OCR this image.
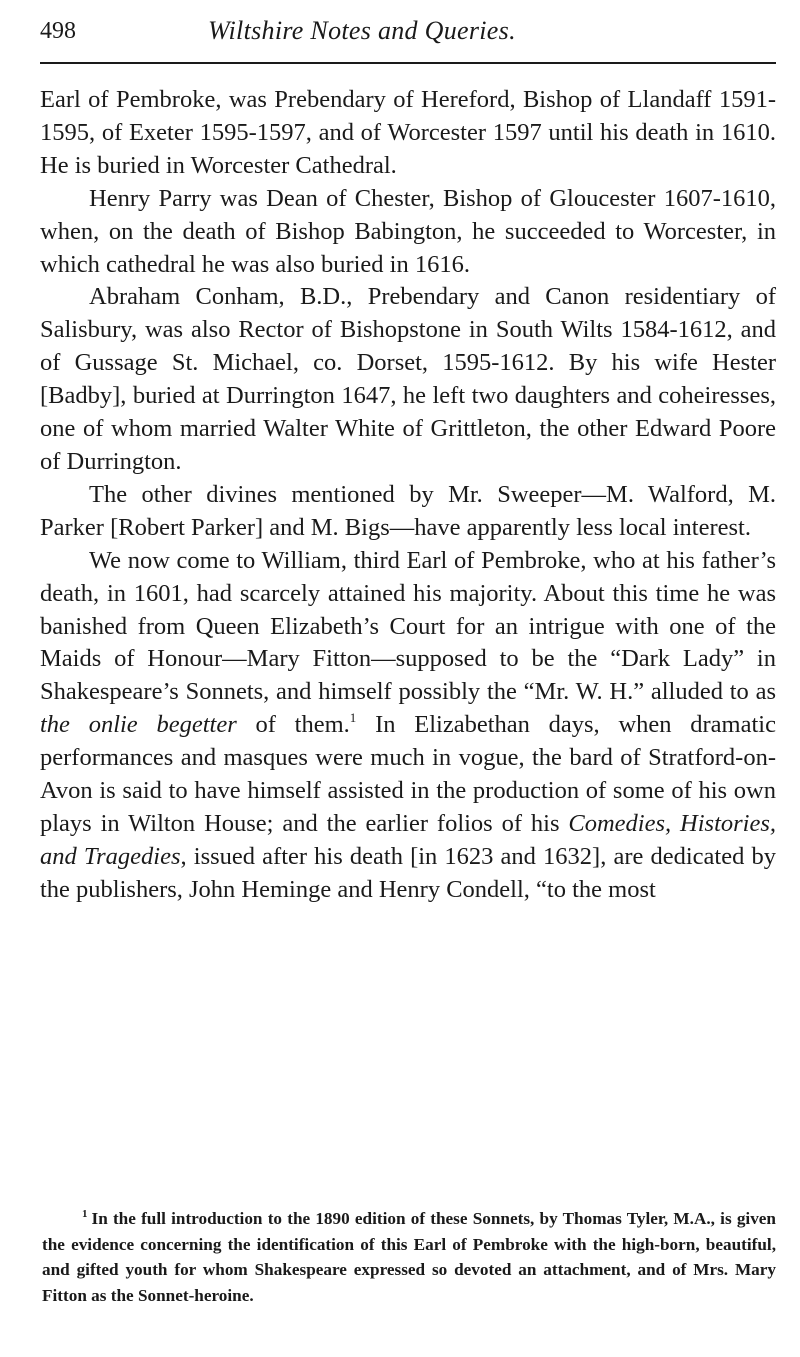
498	Wiltshire Notes and Queries.

Earl of Pembroke, was Prebendary of Hereford, Bishop of Llandaff 1591-1595, of Exeter 1595-1597, and of Worcester 1597 until his death in 1610. He is buried in Worcester Cathedral.

Henry Parry was Dean of Chester, Bishop of Gloucester 1607-1610, when, on the death of Bishop Babington, he succeeded to Worcester, in which cathedral he was also buried in 1616.

Abraham Conham, B.D., Prebendary and Canon residentiary of Salisbury, was also Rector of Bishopstone in South Wilts 1584-1612, and of Gussage St. Michael, co. Dorset, 1595-1612. By his wife Hester [Badby], buried at Durrington 1647, he left two daughters and coheiresses, one of whom married Walter White of Grittleton, the other Edward Poore of Durrington.

The other divines mentioned by Mr. Sweeper—M. Walford, M. Parker [Robert Parker] and M. Bigs—have apparently less local interest.

We now come to William, third Earl of Pembroke, who at his father’s death, in 1601, had scarcely attained his majority. About this time he was banished from Queen Elizabeth’s Court for an intrigue with one of the Maids of Honour—Mary Fitton—supposed to be the “Dark Lady” in Shakespeare’s Sonnets, and himself possibly the “Mr. W. H.” alluded to as the onlie begetter of them.$^1$ In Elizabethan days, when dramatic performances and masques were much in vogue, the bard of Stratford-on-Avon is said to have himself assisted in the production of some of his own plays in Wilton House; and the earlier folios of his Comedies, Histories, and Tragedies, issued after his death [in 1623 and 1632], are dedicated by the publishers, John Heminge and Henry Condell, “to the most

$^1$ In the full introduction to the 1890 edition of these Sonnets, by Thomas Tyler, M.A., is given the evidence concerning the identification of this Earl of Pembroke with the high-born, beautiful, and gifted youth for whom Shakespeare expressed so devoted an attachment, and of Mrs. Mary Fitton as the Sonnet-heroine.
